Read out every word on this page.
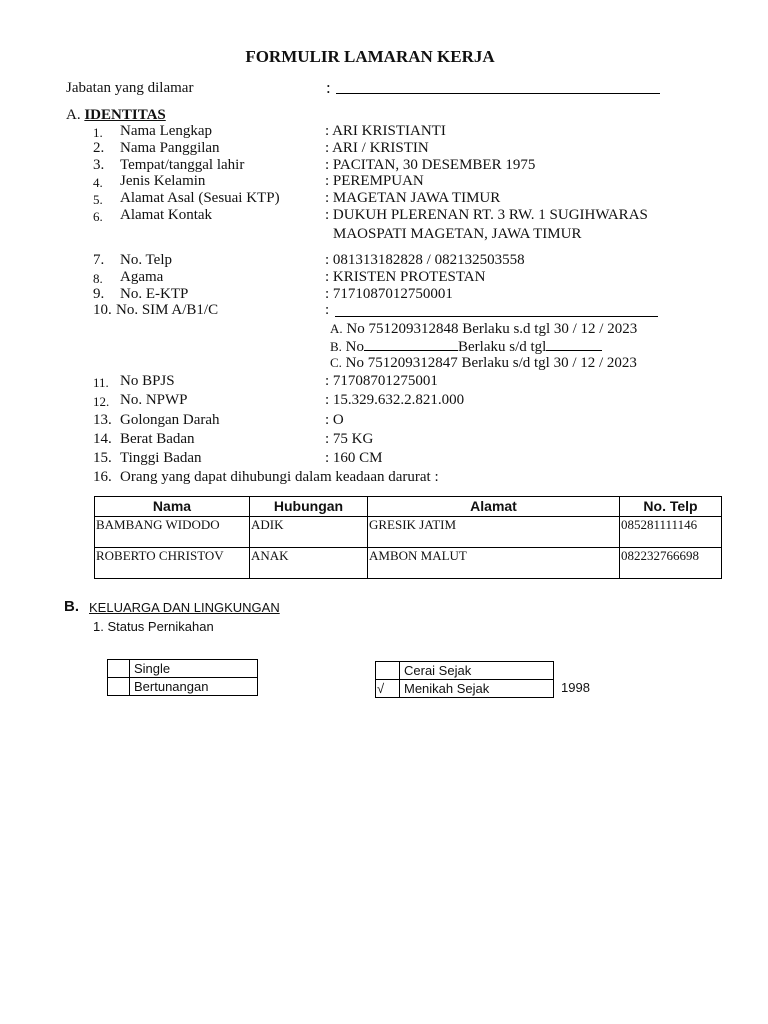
FORMULIR LAMARAN KERJA
Jabatan yang dilamar	:
A. IDENTITAS
1. Nama Lengkap	: ARI KRISTIANTI
2. Nama Panggilan	: ARI / KRISTIN
3. Tempat/tanggal lahir	: PACITAN, 30 DESEMBER 1975
4. Jenis Kelamin	: PEREMPUAN
5. Alamat Asal (Sesuai KTP)	: MAGETAN JAWA TIMUR
6. Alamat Kontak	: DUKUH PLERENAN RT. 3 RW. 1 SUGIHWARAS
MAOSPATI MAGETAN, JAWA TIMUR
7. No. Telp	: 081313182828 / 082132503558
8. Agama	: KRISTEN PROTESTAN
9. No. E-KTP	: 7171087012750001
10. No. SIM A/B1/C	:
A. No 751209312848 Berlaku s.d tgl 30 / 12 / 2023
B. No	Berlaku s/d tgl
C. No 751209312847 Berlaku s/d tgl 30 / 12 / 2023
11. No BPJS	: 71708701275001
12. No. NPWP	: 15.329.632.2.821.000
13. Golongan Darah	: O
14. Berat Badan	: 75 KG
15. Tinggi Badan	: 160 CM
16. Orang yang dapat dihubungi dalam keadaan darurat :
Nama	Hubungan	Alamat	No. Telp
BAMBANG WIDODO	ADIK	GRESIK JATIM	085281111146
ROBERTO CHRISTOV	ANAK	AMBON MALUT	082232766698
B. KELUARGA DAN LINGKUNGAN
1. Status Pernikahan
	Single
	Bertunangan
	Cerai Sejak
√	Menikah Sejak	1998
